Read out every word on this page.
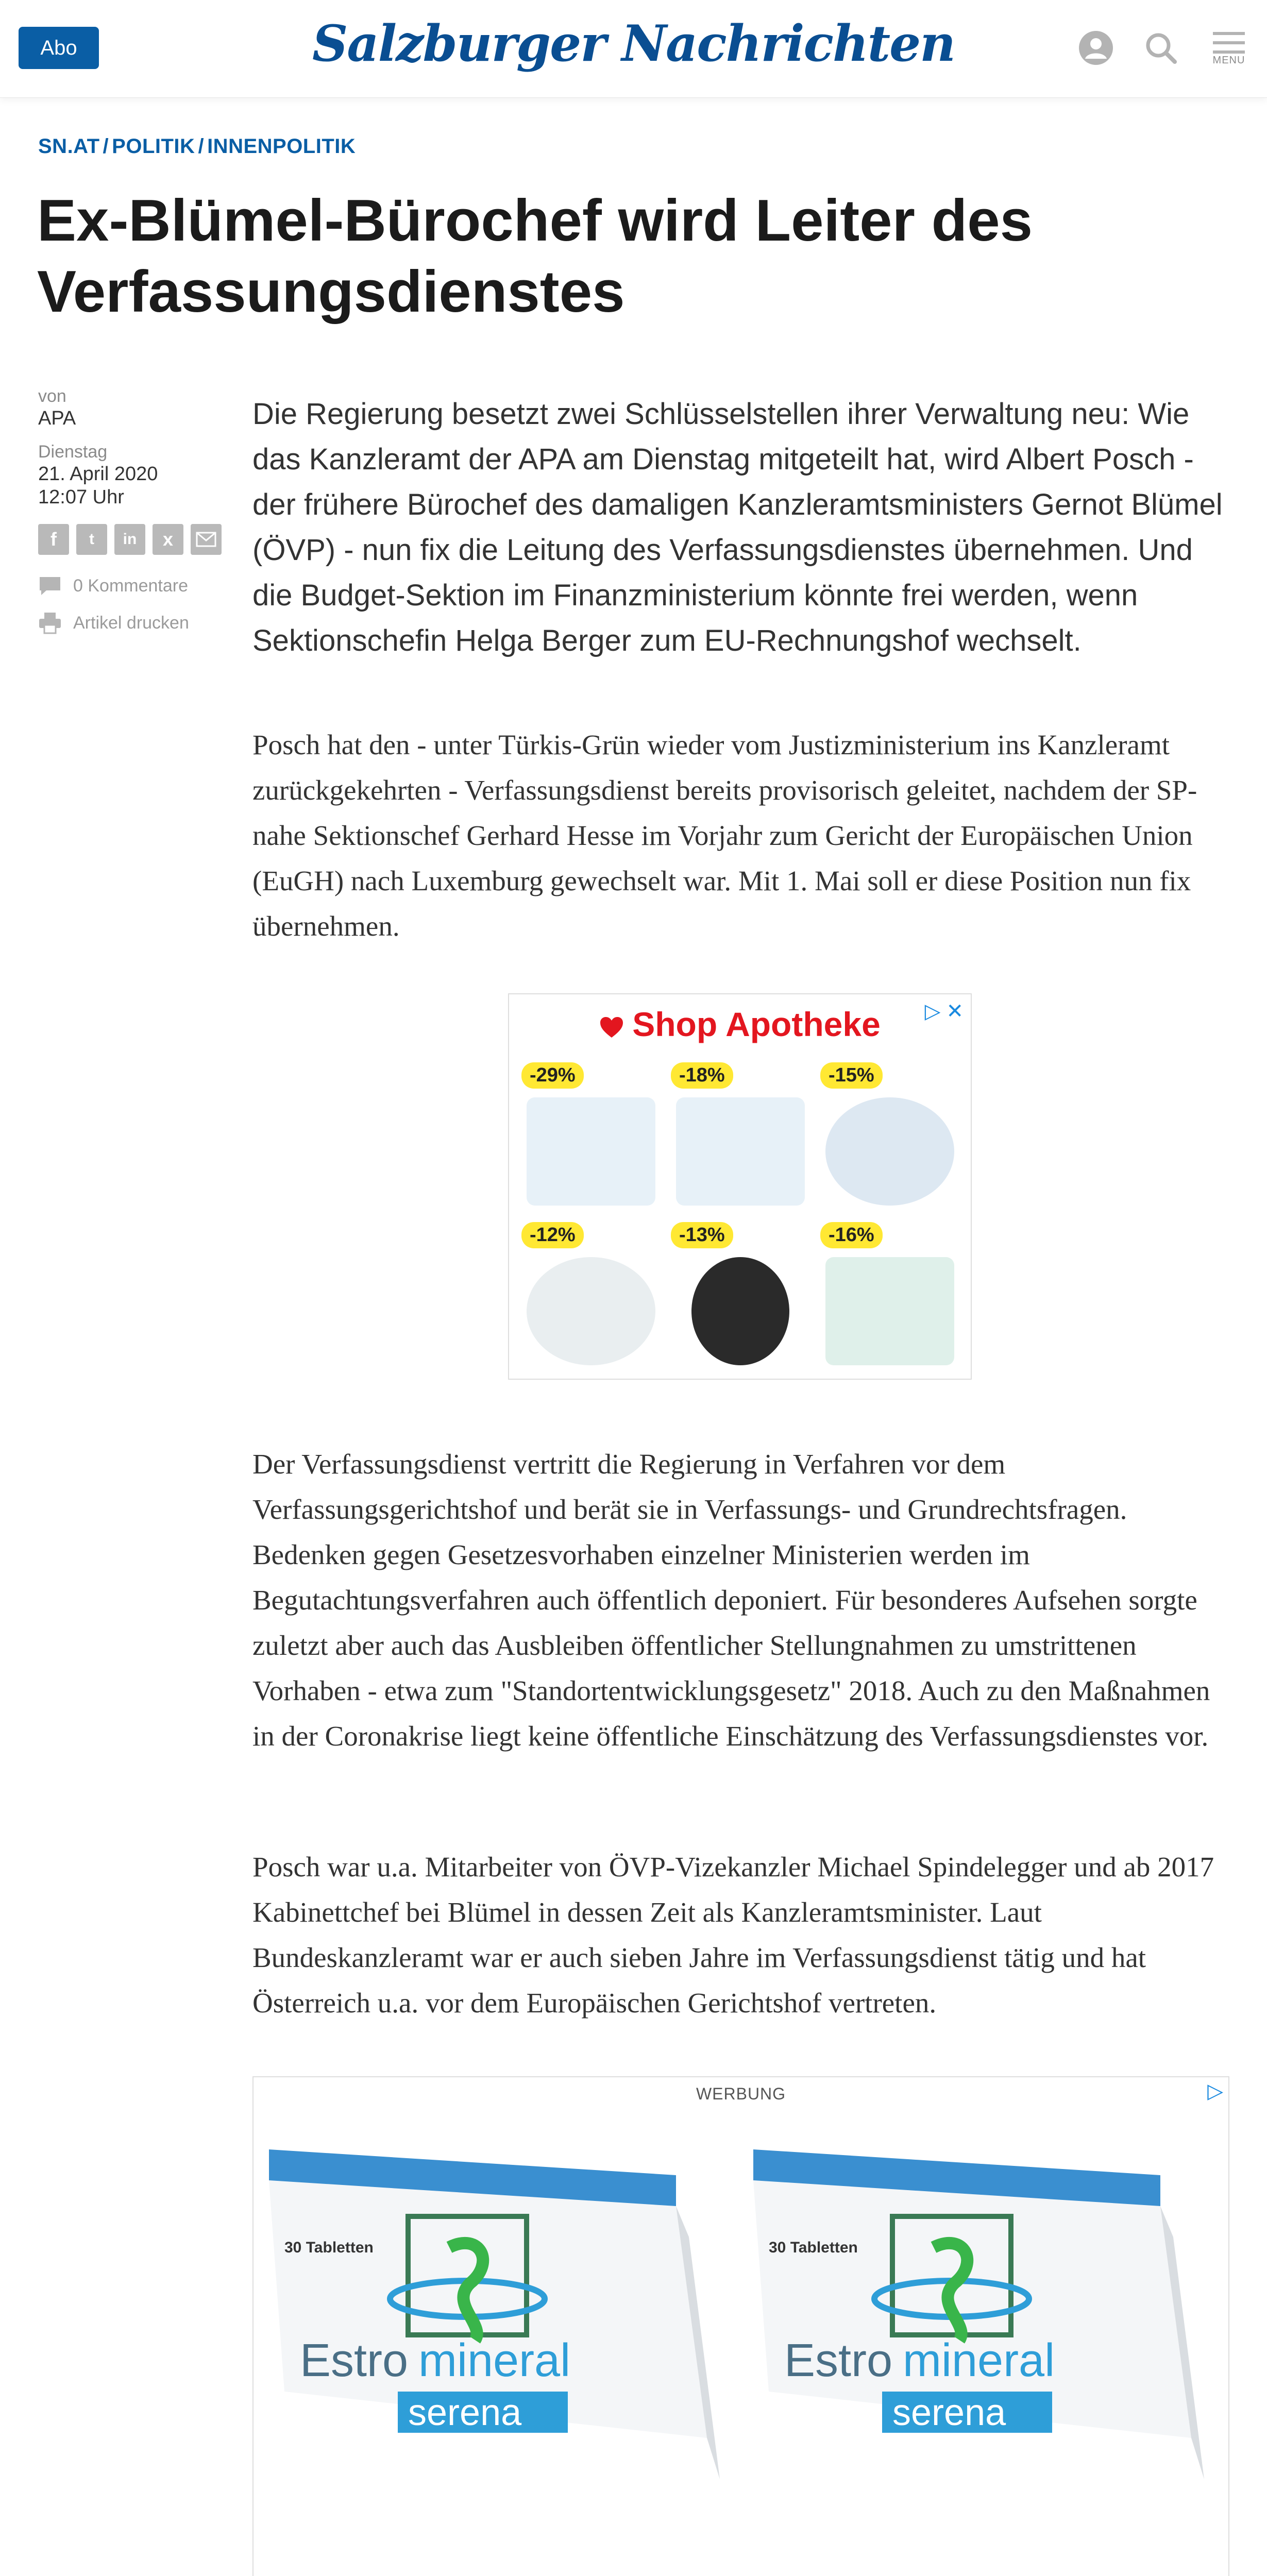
Abo	Salzburger Nachrichten	MENU
SN.AT / POLITIK / INNENPOLITIK
Ex-Blümel-Bürochef wird Leiter des Verfassungsdienstes
von
APA
Dienstag
21. April 2020
12:07 Uhr
f	t	in	x
0 Kommentare
Artikel drucken

Die Regierung besetzt zwei Schlüsselstellen ihrer Verwaltung neu: Wie das Kanzleramt der APA am Dienstag mitgeteilt hat, wird Albert Posch - der frühere Bürochef des damaligen Kanzleramtsministers Gernot Blümel (ÖVP) - nun fix die Leitung des Verfassungsdienstes übernehmen. Und die Budget-Sektion im Finanzministerium könnte frei werden, wenn Sektionschefin Helga Berger zum EU-Rechnungshof wechselt.

Posch hat den - unter Türkis-Grün wieder vom Justizministerium ins Kanzleramt zurückgekehrten - Verfassungsdienst bereits provisorisch geleitet, nachdem der SP-nahe Sektionschef Gerhard Hesse im Vorjahr zum Gericht der Europäischen Union (EuGH) nach Luxemburg gewechselt war. Mit 1. Mai soll er diese Position nun fix übernehmen.

Shop Apotheke	▷ ✕
-29%	-18%	-15%
-12%	-13%	-16%

Der Verfassungsdienst vertritt die Regierung in Verfahren vor dem Verfassungsgerichtshof und berät sie in Verfassungs- und Grundrechtsfragen. Bedenken gegen Gesetzesvorhaben einzelner Ministerien werden im Begutachtungsverfahren auch öffentlich deponiert. Für besonderes Aufsehen sorgte zuletzt aber auch das Ausbleiben öffentlicher Stellungnahmen zu umstrittenen Vorhaben - etwa zum "Standortentwicklungsgesetz" 2018. Auch zu den Maßnahmen in der Coronakrise liegt keine öffentliche Einschätzung des Verfassungsdienstes vor.

Posch war u.a. Mitarbeiter von ÖVP-Vizekanzler Michael Spindelegger und ab 2017 Kabinettchef bei Blümel in dessen Zeit als Kanzleramtsminister. Laut Bundeskanzleramt war er auch sieben Jahre im Verfassungsdienst tätig und hat Österreich u.a. vor dem Europäischen Gerichtshof vertreten.

WERBUNG	▷
30 Tabletten
Estro mineral
serena
30 Tabletten
Estro mineral
serena
